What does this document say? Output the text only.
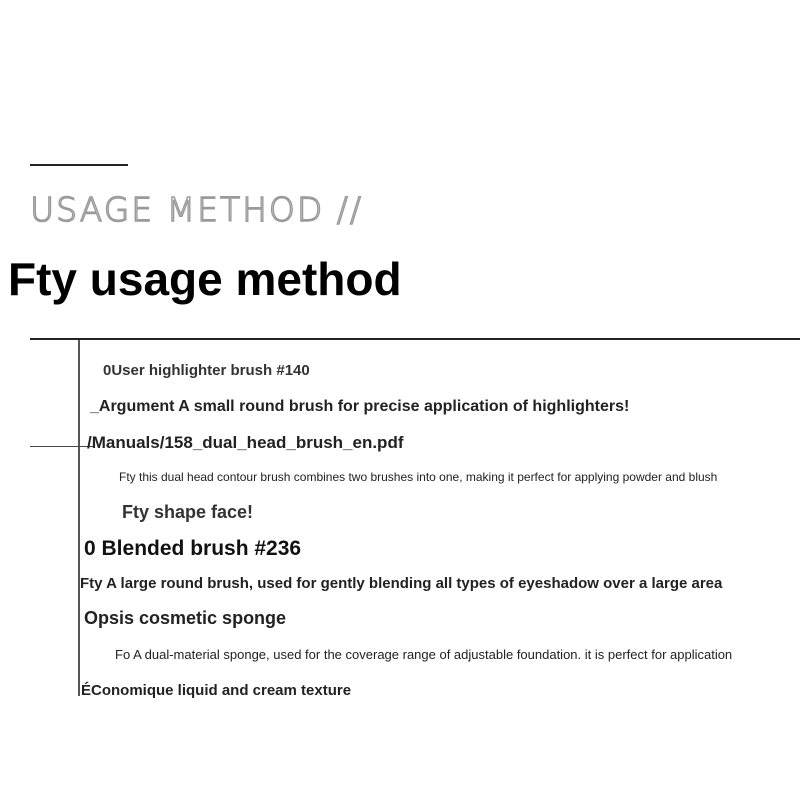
USAGE METHOD //
Fty usage method
0User highlighter brush #140
_Argument A small round brush for precise application of highlighters!
/Manuals/158_dual_head_brush_en.pdf
Fty this dual head contour brush combines two brushes into one, making it perfect for applying powder and blush
Fty shape face!
0 Blended brush #236
Fty A large round brush, used for gently blending all types of eyeshadow over a large area
Opsis cosmetic sponge
Fo A dual-material sponge, used for the coverage range of adjustable foundation. it is perfect for application
ÉConomique liquid and cream texture
